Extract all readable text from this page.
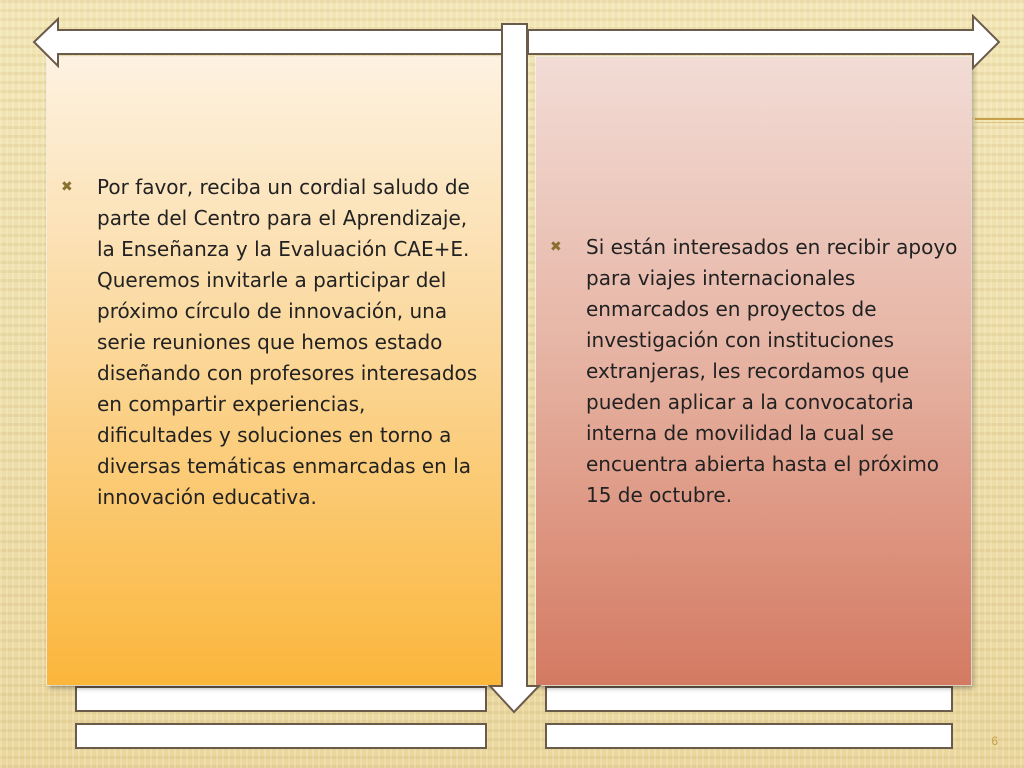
✖	Por favor, reciba un cordial saludo de parte del Centro para el Aprendizaje, la Enseñanza y la Evaluación CAE+E. Queremos invitarle a participar del próximo círculo de innovación, una serie reuniones que hemos estado diseñando con profesores interesados en compartir experiencias, dificultades y soluciones en torno a diversas temáticas enmarcadas en la innovación educativa.
✖	Si están interesados en recibir apoyo para viajes internacionales enmarcados en proyectos de investigación con instituciones extranjeras, les recordamos que pueden aplicar a la convocatoria interna de movilidad la cual se encuentra abierta hasta el próximo 15 de octubre.
6
